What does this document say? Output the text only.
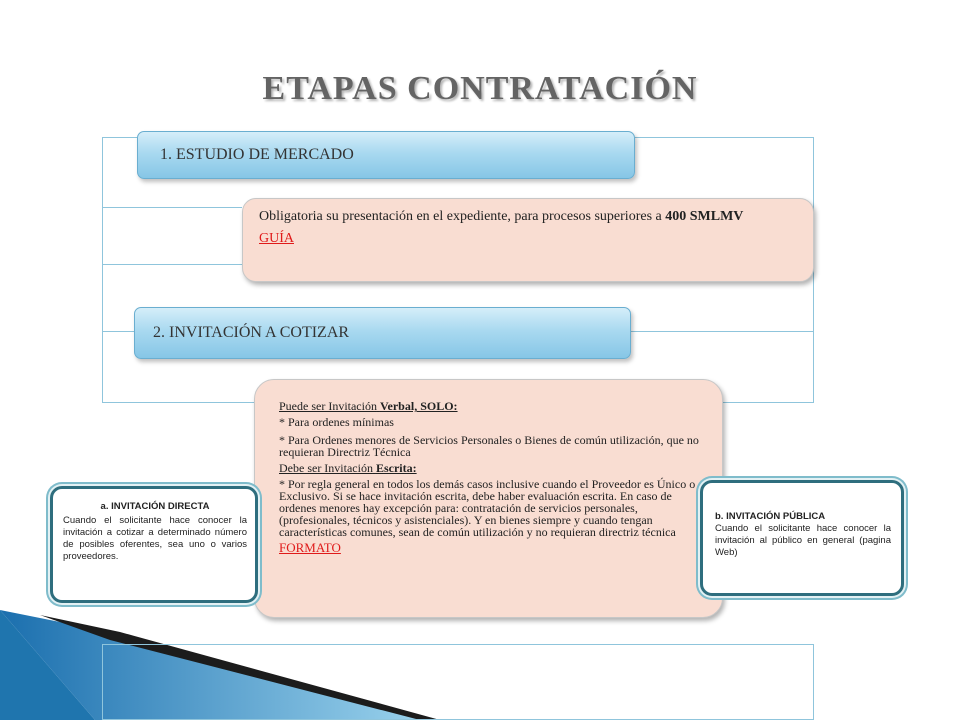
ETAPAS CONTRATACIÓN
1. ESTUDIO DE MERCADO
Obligatoria su presentación en el expediente, para procesos superiores a 400 SMLMV
GUÍA
2. INVITACIÓN A COTIZAR

Puede ser Invitación Verbal, SOLO:

* Para ordenes mínimas
* Para Ordenes menores de Servicios Personales o Bienes de común utilización, que no requieran Directriz Técnica

Debe ser Invitación Escrita:

* Por regla general en todos los demás casos inclusive cuando el Proveedor es Único o Exclusivo. Si se hace invitación escrita, debe haber evaluación escrita. En caso de ordenes menores hay excepción para: contratación de servicios personales, (profesionales, técnicos y asistenciales). Y en bienes siempre y cuando tengan características comunes, sean de común utilización y no requieran directriz técnica

FORMATO

a. INVITACIÓN DIRECTA

Cuando el solicitante hace conocer la invitación a cotizar a determinado número de posibles oferentes, sea uno o varios proveedores.

b. INVITACIÓN PÚBLICA

Cuando el solicitante hace conocer la invitación al público en general (pagina Web)
